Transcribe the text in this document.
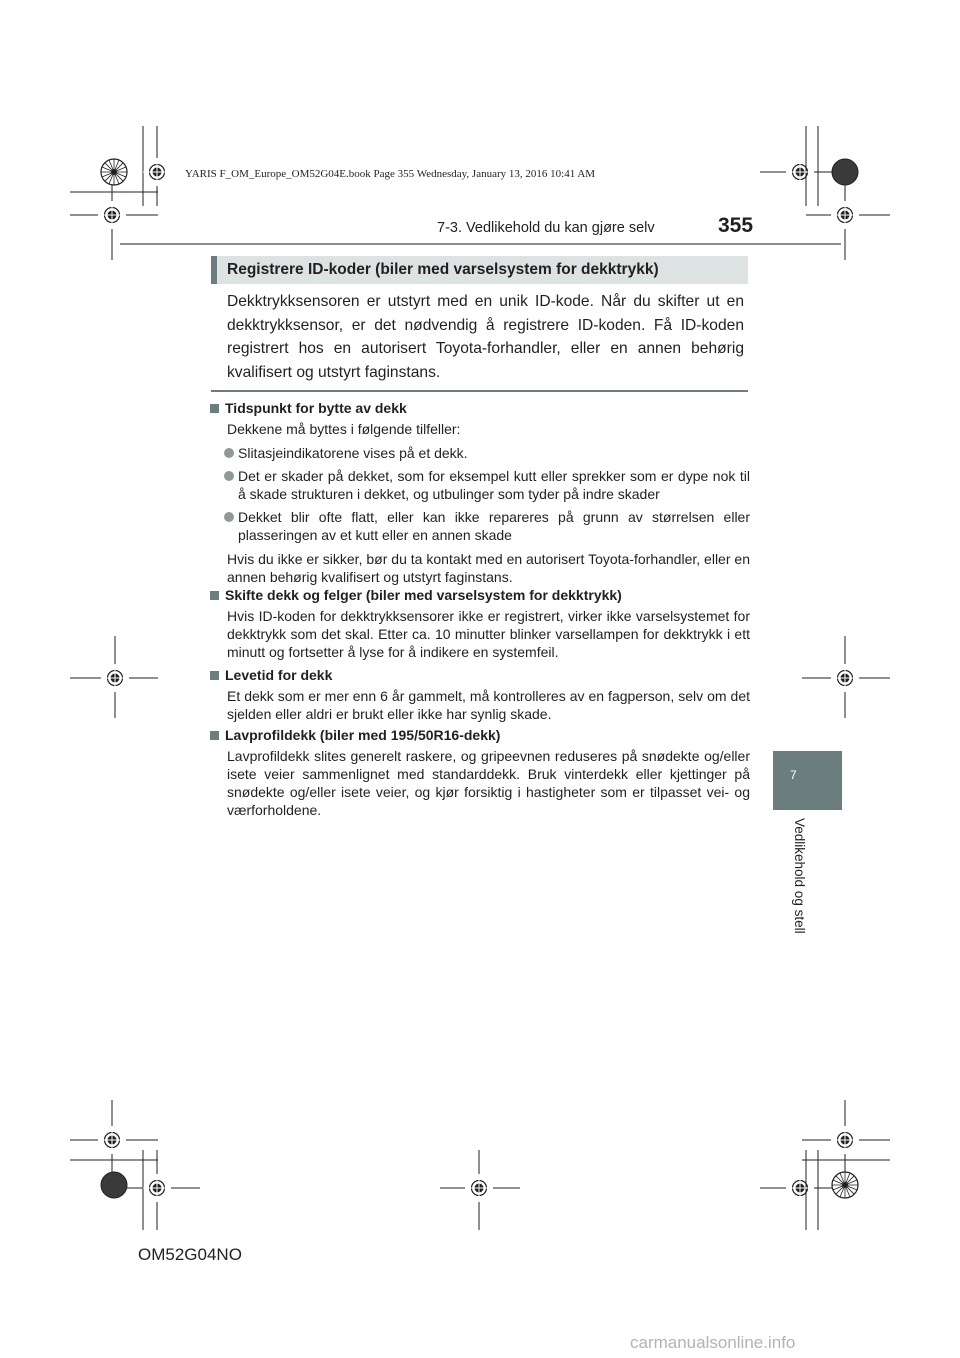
YARIS F_OM_Europe_OM52G04E.book Page 355 Wednesday, January 13, 2016 10:41 AM
7-3. Vedlikehold du kan gjøre selv	355
7
Vedlikehold og stell
Registrere ID-koder (biler med varselsystem for dekktrykk)
Dekktrykksensoren er utstyrt med en unik ID-kode. Når du skifter ut en dekktrykksensor, er det nødvendig å registrere ID-koden. Få ID-koden registrert hos en autorisert Toyota-forhandler, eller en annen behørig kvalifisert og utstyrt faginstans.
Tidspunkt for bytte av dekk
Dekkene må byttes i følgende tilfeller:
Slitasjeindikatorene vises på et dekk.
Det er skader på dekket, som for eksempel kutt eller sprekker som er dype nok til å skade strukturen i dekket, og utbulinger som tyder på indre skader
Dekket blir ofte flatt, eller kan ikke repareres på grunn av størrelsen eller plasseringen av et kutt eller en annen skade
Hvis du ikke er sikker, bør du ta kontakt med en autorisert Toyota-forhandler, eller en annen behørig kvalifisert og utstyrt faginstans.
Skifte dekk og felger (biler med varselsystem for dekktrykk)
Hvis ID-koden for dekktrykksensorer ikke er registrert, virker ikke varselsystemet for dekktrykk som det skal. Etter ca. 10 minutter blinker varsellampen for dekktrykk i ett minutt og fortsetter å lyse for å indikere en systemfeil.
Levetid for dekk
Et dekk som er mer enn 6 år gammelt, må kontrolleres av en fagperson, selv om det sjelden eller aldri er brukt eller ikke har synlig skade.
Lavprofildekk (biler med 195/50R16-dekk)
Lavprofildekk slites generelt raskere, og gripeevnen reduseres på snødekte og/eller isete veier sammenlignet med standarddekk. Bruk vinterdekk eller kjettinger på snødekte og/eller isete veier, og kjør forsiktig i hastigheter som er tilpasset vei- og værforholdene.
OM52G04NO
carmanualsonline.info
